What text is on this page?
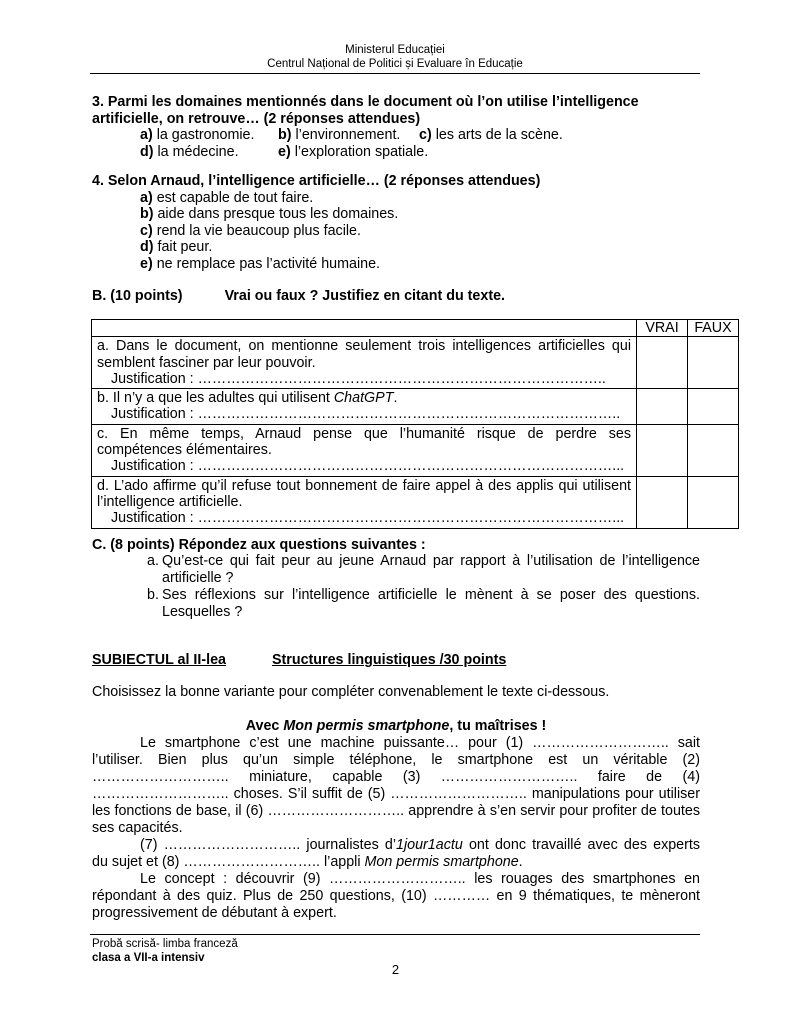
Ministerul Educației
Centrul Național de Politici și Evaluare în Educație
3. Parmi les domaines mentionnés dans le document où l’on utilise l’intelligence artificielle, on retrouve… (2 réponses attendues)
a) la gastronomie. b) l’environnement. c) les arts de la scène.
d) la médecine.	e) l’exploration spatiale.
4. Selon Arnaud, l’intelligence artificielle… (2 réponses attendues)
a) est capable de tout faire.
b) aide dans presque tous les domaines.
c) rend la vie beaucoup plus facile.
d) fait peur.
e) ne remplace pas l’activité humaine.
B. (10 points)	Vrai ou faux ? Justifiez en citant du texte.
	VRAI	FAUX

a. Dans le document, on mentionne seulement trois intelligences artificielles qui semblent fasciner par leur pouvoir.
Justification : …………………………………………………………………………..		

b. Il n’y a que les adultes qui utilisent ChatGPT.
Justification : ……………………………………………………………………………..		

c. En même temps, Arnaud pense que l’humanité risque de perdre ses compétences élémentaires.
Justification : ……………………………………………………………………………...		

d. L’ado affirme qu’il refuse tout bonnement de faire appel à des applis qui utilisent l’intelligence artificielle.
Justification : ……………………………………………………………………………...		

C. (8 points) Répondez aux questions suivantes :
a. Qu’est-ce qui fait peur au jeune Arnaud par rapport à l’utilisation de l’intelligence artificielle ?
b. Ses réflexions sur l’intelligence artificielle le mènent à se poser des questions. Lesquelles ?
SUBIECTUL al II-lea	Structures linguistiques /30 points
Choisissez la bonne variante pour compléter convenablement le texte ci-dessous.
Avec Mon permis smartphone, tu maîtrises !

Le smartphone c’est une machine puissante… pour (1) ……………………….. sait l’utiliser. Bien plus qu’un simple téléphone, le smartphone est un véritable (2) ……………………….. miniature, capable (3) ……………………….. faire de (4) ……………………….. choses. S’il suffit de (5) ……………………….. manipulations pour utiliser les fonctions de base, il (6) ……………………….. apprendre à s’en servir pour profiter de toutes ses capacités.

(7) ……………………….. journalistes d’1jour1actu ont donc travaillé avec des experts du sujet et (8) ……………………….. l’appli Mon permis smartphone.

Le concept : découvrir (9) ……………………….. les rouages des smartphones en répondant à des quiz. Plus de 250 questions, (10) ………… en 9 thématiques, te mèneront progressivement de débutant à expert.

Probă scrisă- limba franceză
clasa a VII-a intensiv
2
